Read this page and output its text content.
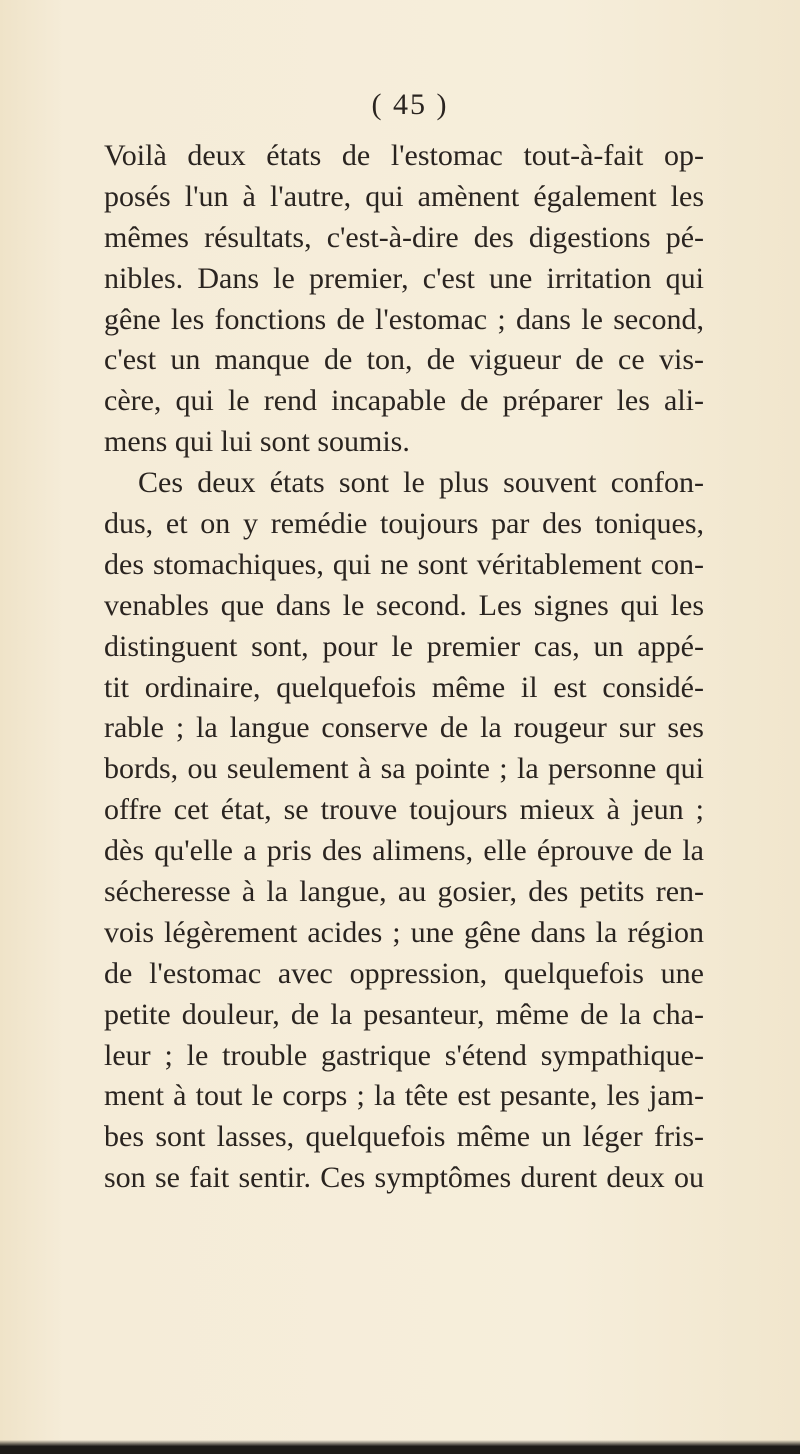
( 45 )
Voilà deux états de l'estomac tout-à-fait op-
posés l'un à l'autre, qui amènent également les
mêmes résultats, c'est-à-dire des digestions pé-
nibles. Dans le premier, c'est une irritation qui
gêne les fonctions de l'estomac ; dans le second,
c'est un manque de ton, de vigueur de ce vis-
cère, qui le rend incapable de préparer les ali-
mens qui lui sont soumis.
Ces deux états sont le plus souvent confon-
dus, et on y remédie toujours par des toniques,
des stomachiques, qui ne sont véritablement con-
venables que dans le second. Les signes qui les
distinguent sont, pour le premier cas, un appé-
tit ordinaire, quelquefois même il est considé-
rable ; la langue conserve de la rougeur sur ses
bords, ou seulement à sa pointe ; la personne qui
offre cet état, se trouve toujours mieux à jeun ;
dès qu'elle a pris des alimens, elle éprouve de la
sécheresse à la langue, au gosier, des petits ren-
vois légèrement acides ; une gêne dans la région
de l'estomac avec oppression, quelquefois une
petite douleur, de la pesanteur, même de la cha-
leur ; le trouble gastrique s'étend sympathique-
ment à tout le corps ; la tête est pesante, les jam-
bes sont lasses, quelquefois même un léger fris-
son se fait sentir. Ces symptômes durent deux ou
